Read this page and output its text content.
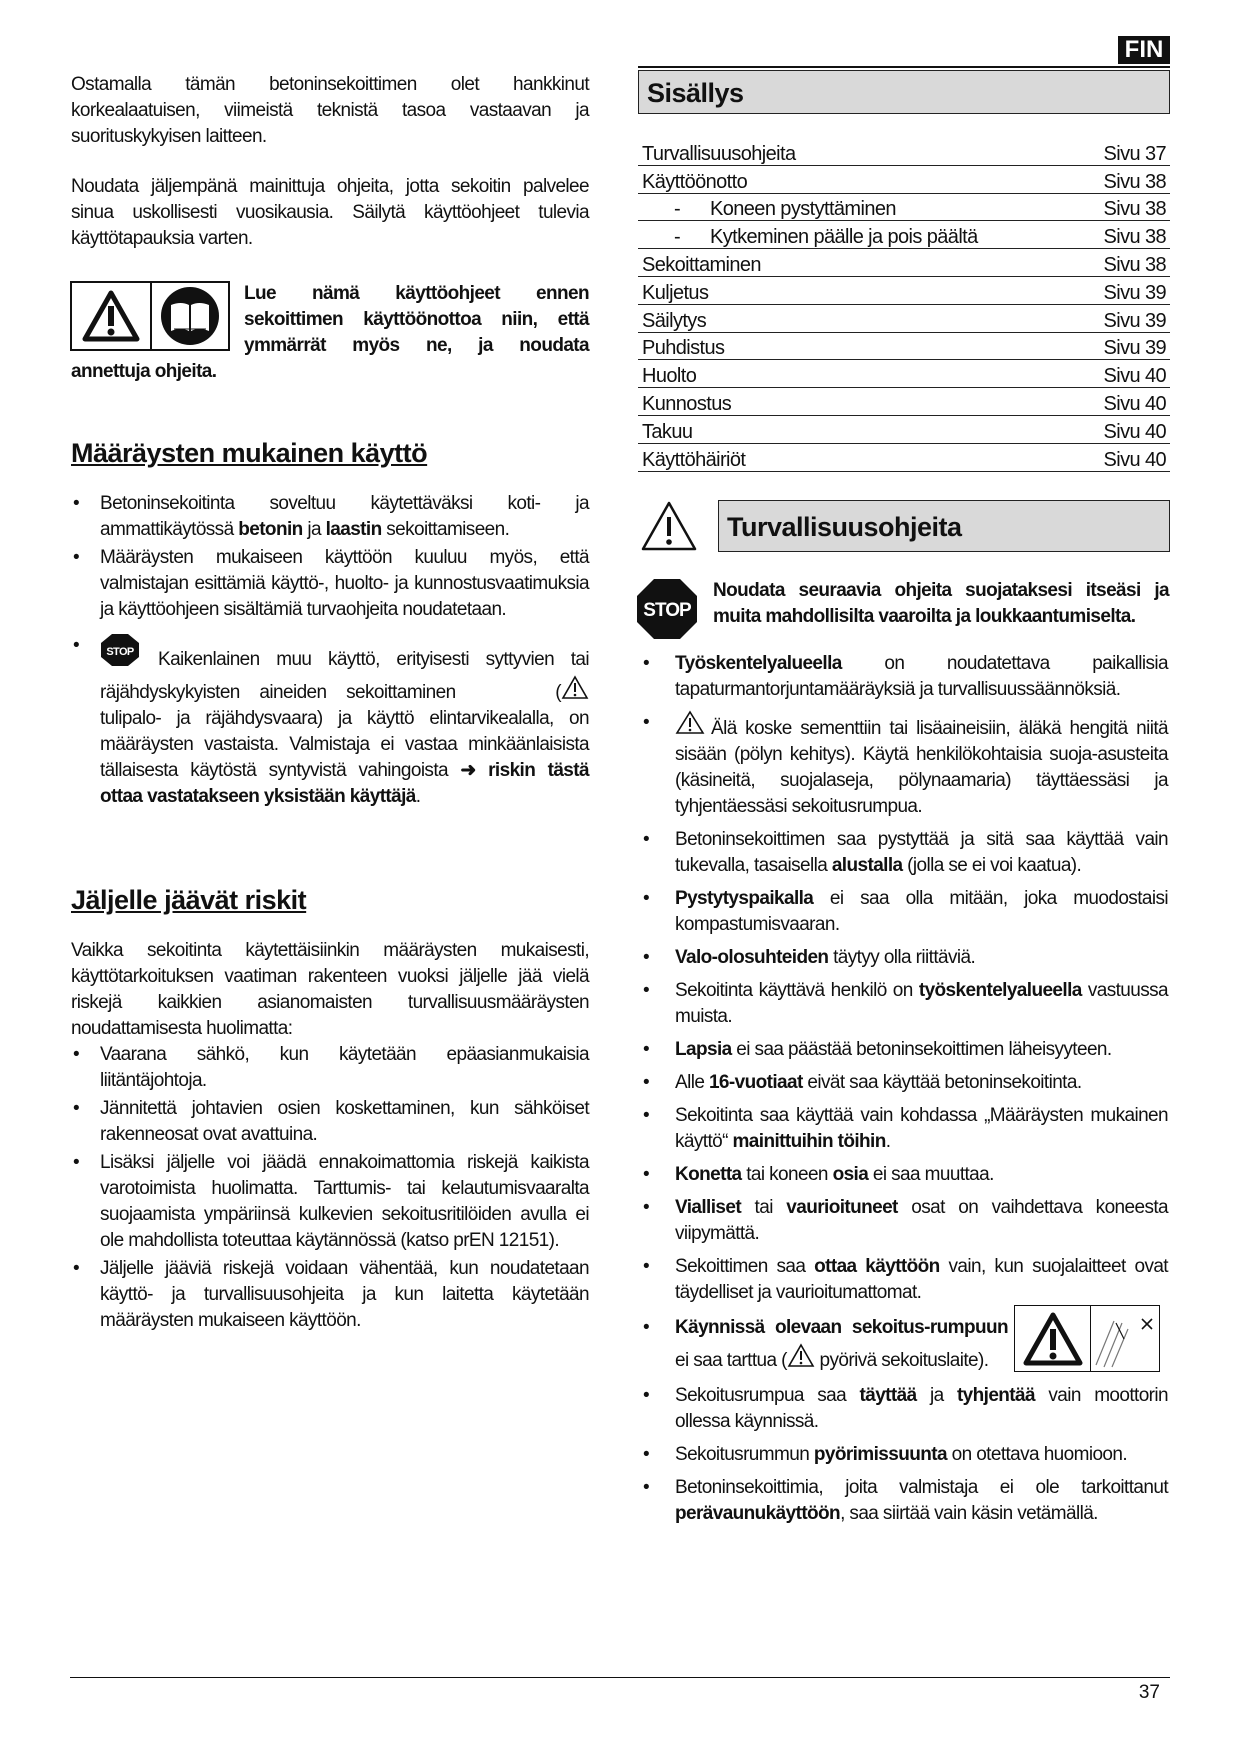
FIN

Ostamalla tämän betoninsekoittimen olet hankkinut korkealaatuisen, viimeistä teknistä tasoa vastaavan ja suorituskykyisen laitteen.

Noudata jäljempänä mainittuja ohjeita, jotta sekoitin palvelee sinua uskollisesti vuosikausia. Säilytä käyttöohjeet tulevia käyttötapauksia varten.

Lue nämä käyttöohjeet ennen
sekoittimen käyttöönottoa niin, että
ymmärrät myös ne, ja noudata
annettuja ohjeita.
Määräysten mukainen käyttö
• Betoninsekoitinta soveltuu käytettäväksi koti- ja ammattikäytössä betonin ja laastin sekoittamiseen.
• Määräysten mukaiseen käyttöön kuuluu myös, että valmistajan esittämiä käyttö-, huolto- ja kunnostusvaatimuksia ja käyttöohjeen sisältämiä turvaohjeita noudatetaan.
• STOP Kaikenlainen muu käyttö, erityisesti syttyvien tai räjähdyskykyisten aineiden sekoittaminen	( tulipalo- ja räjähdysvaara) ja käyttö elintarvikealalla, on määräysten vastaista. Valmistaja ei vastaa minkäänlaisista tällaisesta käytöstä syntyvistä vahingoista ➜ riskin tästä ottaa vastatakseen yksistään käyttäjä.
Jäljelle jäävät riskit

Vaikka sekoitinta käytettäisiinkin määräysten mukaisesti, käyttötarkoituksen vaatiman rakenteen vuoksi jäljelle jää vielä riskejä kaikkien asianomaisten turvallisuusmääräysten noudattamisesta huolimatta:

• Vaarana sähkö, kun käytetään epäasianmukaisia liitäntäjohtoja.
• Jännitettä johtavien osien koskettaminen, kun sähköiset rakenneosat ovat avattuina.
• Lisäksi jäljelle voi jäädä ennakoimattomia riskejä kaikista varotoimista huolimatta. Tarttumis- tai kelautumisvaaralta suojaamista ympäriinsä kulkevien sekoitusritilöiden avulla ei ole mahdollista toteuttaa käytännössä (katso prEN 12151).
• Jäljelle jääviä riskejä voidaan vähentää, kun noudatetaan käyttö- ja turvallisuusohjeita ja kun laitetta käytetään määräysten mukaiseen käyttöön.
Sisällys
Turvallisuusohjeita	Sivu 37
Käyttöönotto	Sivu 38
- Koneen pystyttäminen	Sivu 38
- Kytkeminen päälle ja pois päältä	Sivu 38
Sekoittaminen	Sivu 38
Kuljetus	Sivu 39
Säilytys	Sivu 39
Puhdistus	Sivu 39
Huolto	Sivu 40
Kunnostus	Sivu 40
Takuu	Sivu 40
Käyttöhäiriöt	Sivu 40
Turvallisuusohjeita
STOP
Noudata seuraavia ohjeita suojataksesi itseäsi ja muita mahdollisilta vaaroilta ja loukkaantumiselta.
• Työskentelyalueella on noudatettava paikallisia tapaturmantorjuntamääräyksiä ja turvallisuussäännöksiä.
• Älä koske sementtiin tai lisäaineisiin, äläkä hengitä niitä sisään (pölyn kehitys). Käytä henkilökohtaisia suoja-asusteita (käsineitä, suojalaseja, pölynaamaria) täyttäessäsi ja tyhjentäessäsi sekoitusrumpua.
• Betoninsekoittimen saa pystyttää ja sitä saa käyttää vain tukevalla, tasaisella alustalla (jolla se ei voi kaatua).
• Pystytyspaikalla ei saa olla mitään, joka muodostaisi kompastumisvaaran.
• Valo-olosuhteiden täytyy olla riittäviä.
• Sekoitinta käyttävä henkilö on työskentelyalueella vastuussa muista.
• Lapsia ei saa päästää betoninsekoittimen läheisyyteen.
• Alle 16-vuotiaat eivät saa käyttää betoninsekoitinta.
• Sekoitinta saa käyttää vain kohdassa „Määräysten mukainen käyttö“ mainittuihin töihin.
• Konetta tai koneen osia ei saa muuttaa.
• Vialliset tai vaurioituneet osat on vaihdettava koneesta viipymättä.
• Sekoittimen saa ottaa käyttöön vain, kun suojalaitteet ovat täydelliset ja vaurioitumattomat.
• Käynnissä olevaan sekoitus-rumpuun ei saa tarttua ( pyörivä sekoituslaite).
• Sekoitusrumpua saa täyttää ja tyhjentää vain moottorin ollessa käynnissä.
• Sekoitusrummun pyörimissuunta on otettava huomioon.
• Betoninsekoittimia, joita valmistaja ei ole tarkoittanut perävaunukäyttöön, saa siirtää vain käsin vetämällä.
37
